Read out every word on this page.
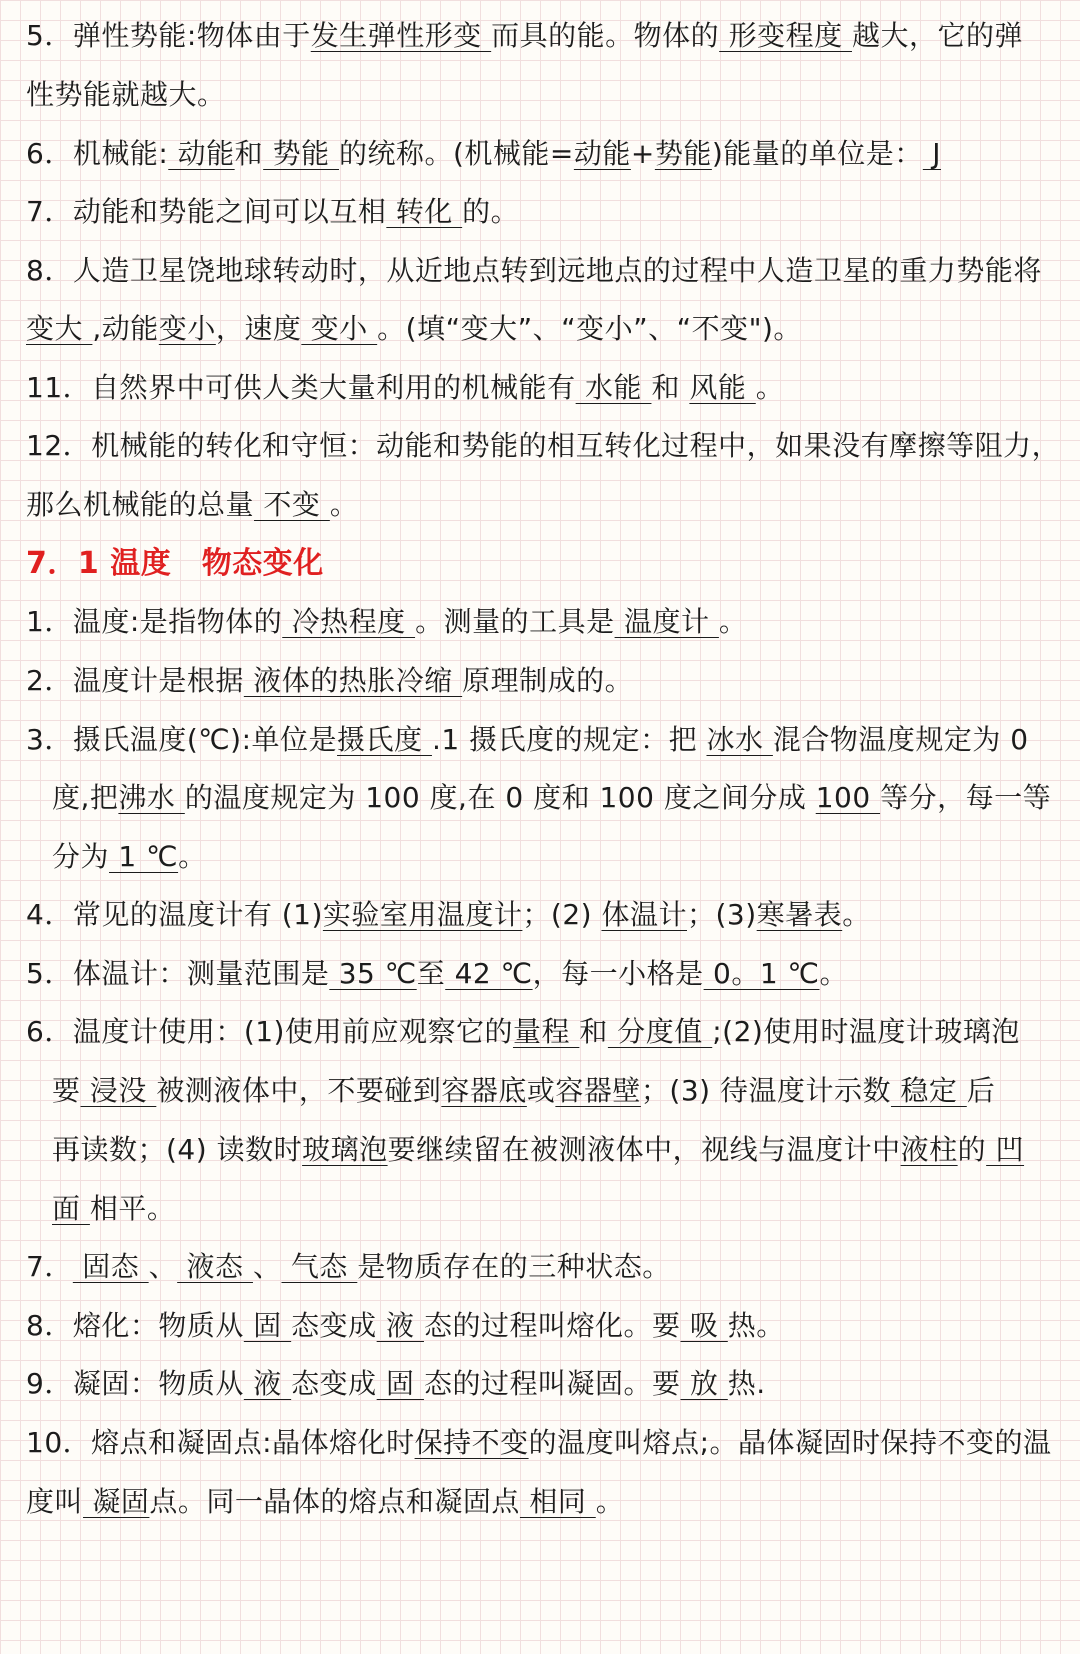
5．弹性势能:物体由于发生弹性形变 而具的能。物体的 形变程度 越大，它的弹
性势能就越大。
6．机械能: 动能和 势能 的统称。(机械能=动能+势能)能量的单位是： J
7．动能和势能之间可以互相 转化 的。
8．人造卫星饶地球转动时，从近地点转到远地点的过程中人造卫星的重力势能将
变大 ,动能变小，速度 变小 。(填“变大”、“变小”、“不变")。
11．自然界中可供人类大量利用的机械能有 水能 和 风能 。
12．机械能的转化和守恒：动能和势能的相互转化过程中，如果没有摩擦等阻力，
那么机械能的总量 不变 。
7．1 温度　物态变化
1．温度:是指物体的 冷热程度 。测量的工具是 温度计 。
2．温度计是根据 液体的热胀冷缩 原理制成的。
3．摄氏温度(℃):单位是摄氏度 .1 摄氏度的规定：把 冰水 混合物温度规定为 0
度,把沸水 的温度规定为 100 度,在 0 度和 100 度之间分成 100 等分，每一等
分为 1 ℃。
4．常见的温度计有 (1)实验室用温度计；(2) 体温计；(3)寒暑表。
5．体温计：测量范围是 35 ℃至 42 ℃，每一小格是 0。1 ℃。
6．温度计使用：(1)使用前应观察它的量程 和 分度值 ;(2)使用时温度计玻璃泡
要 浸没 被测液体中，不要碰到容器底或容器壁；(3) 待温度计示数 稳定 后
再读数；(4) 读数时玻璃泡要继续留在被测液体中，视线与温度计中液柱的 凹
面 相平。
7． 固态 、 液态 、 气态 是物质存在的三种状态。
8．熔化：物质从 固 态变成 液 态的过程叫熔化。要 吸 热。
9．凝固：物质从 液 态变成 固 态的过程叫凝固。要 放 热.
10．熔点和凝固点:晶体熔化时保持不变的温度叫熔点;。晶体凝固时保持不变的温
度叫 凝固点。同一晶体的熔点和凝固点 相同 。
